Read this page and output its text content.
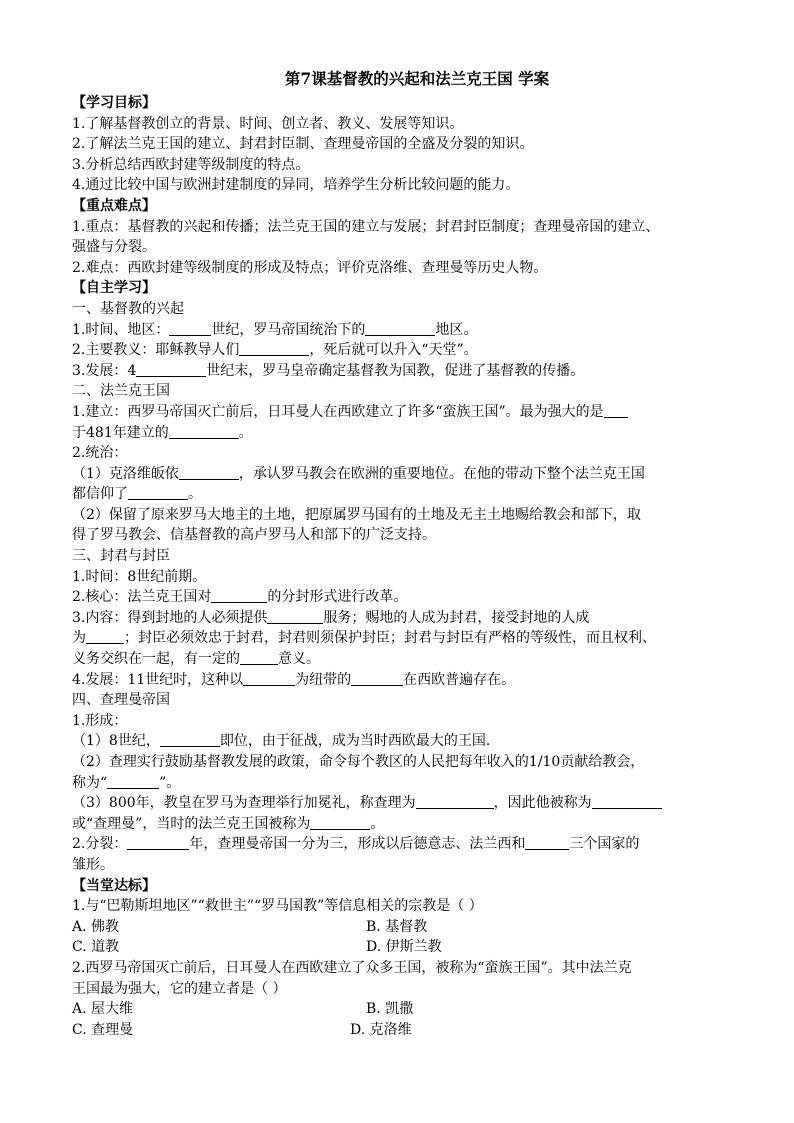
第7课基督教的兴起和法兰克王国 学案
【学习目标】
1.了解基督教创立的背景、时间、创立者、教义、发展等知识。
2.了解法兰克王国的建立、封君封臣制、查理曼帝国的全盛及分裂的知识。
3.分析总结西欧封建等级制度的特点。
4.通过比较中国与欧洲封建制度的异同，培养学生分析比较问题的能力。
【重点难点】
1.重点：基督教的兴起和传播；法兰克王国的建立与发展；封君封臣制度；查理曼帝国的建立、
强盛与分裂。
2.难点：西欧封建等级制度的形成及特点；评价克洛维、查理曼等历史人物。
【自主学习】
一、基督教的兴起
1.时间、地区：	世纪，罗马帝国统治下的	地区。
2.主要教义：耶稣教导人们	，死后就可以升入“天堂”。
3.发展：4	世纪末，罗马皇帝确定基督教为国教，促进了基督教的传播。
二、法兰克王国
1.建立：西罗马帝国灭亡前后，日耳曼人在西欧建立了许多“蛮族王国”。最为强大的是
于481年建立的	。
2.统治：
（1）克洛维皈依	，承认罗马教会在欧洲的重要地位。在他的带动下整个法兰克王国
都信仰了	。
（2）保留了原来罗马大地主的土地，把原属罗马国有的土地及无主土地赐给教会和部下，取
得了罗马教会、信基督教的高卢罗马人和部下的广泛支持。
三、封君与封臣
1.时间：8世纪前期。
2.核心：法兰克王国对	的分封形式进行改革。
3.内容：得到封地的人必须提供	服务；赐地的人成为封君，接受封地的人成
为	；封臣必须效忠于封君，封君则须保护封臣；封君与封臣有严格的等级性，而且权利、
义务交织在一起，有一定的	意义。
4.发展：11世纪时，这种以	为纽带的	在西欧普遍存在。
四、查理曼帝国
1.形成：
（1）8世纪，	即位，由于征战，成为当时西欧最大的王国.
（2）查理实行鼓励基督教发展的政策，命令每个教区的人民把每年收入的1/10贡献给教会，
称为“	”。
（3）800年，教皇在罗马为查理举行加冕礼，称查理为	，因此他被称为
或“查理曼”，当时的法兰克王国被称为	。
2.分裂：	年，查理曼帝国一分为三，形成以后德意志、法兰西和	三个国家的
雏形。
【当堂达标】
1.与“巴勒斯坦地区”“救世主”“罗马国教”等信息相关的宗教是（ ）
A. 佛教	B. 基督教
C. 道教	D. 伊斯兰教
2.西罗马帝国灭亡前后，日耳曼人在西欧建立了众多王国，被称为“蛮族王国”。其中法兰克
王国最为强大，它的建立者是（ ）
A. 屋大维	B. 凯撒
C. 查理曼	D. 克洛维
